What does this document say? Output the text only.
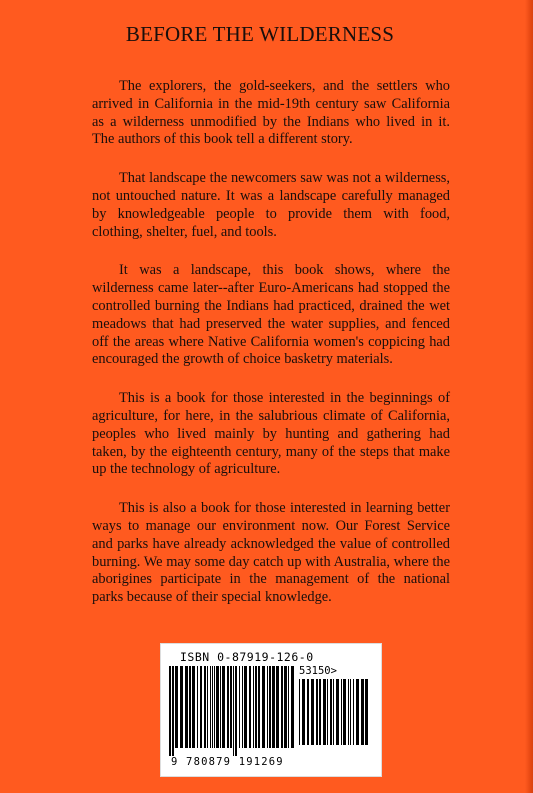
BEFORE THE WILDERNESS

The explorers, the gold-seekers, and the settlers who arrived in California in the mid-19th century saw California as a wilderness unmodified by the Indians who lived in it. The authors of this book tell a different story.

That landscape the newcomers saw was not a wilderness, not untouched nature. It was a landscape carefully managed by knowledgeable people to provide them with food, clothing, shelter, fuel, and tools.

It was a landscape, this book shows, where the wilderness came later--after Euro-Americans had stopped the controlled burning the Indians had practiced, drained the wet meadows that had preserved the water supplies, and fenced off the areas where Native California women's coppicing had encouraged the growth of choice basketry materials.

This is a book for those interested in the beginnings of agriculture, for here, in the salubrious climate of California, peoples who lived mainly by hunting and gathering had taken, by the eighteenth century, many of the steps that make up the technology of agriculture.

This is also a book for those interested in learning better ways to manage our environment now. Our Forest Service and parks have already acknowledged the value of controlled burning. We may some day catch up with Australia, where the aborigines participate in the management of the national parks because of their special knowledge.

ISBN 0-87919-126-0
53150>
9 780879 191269
